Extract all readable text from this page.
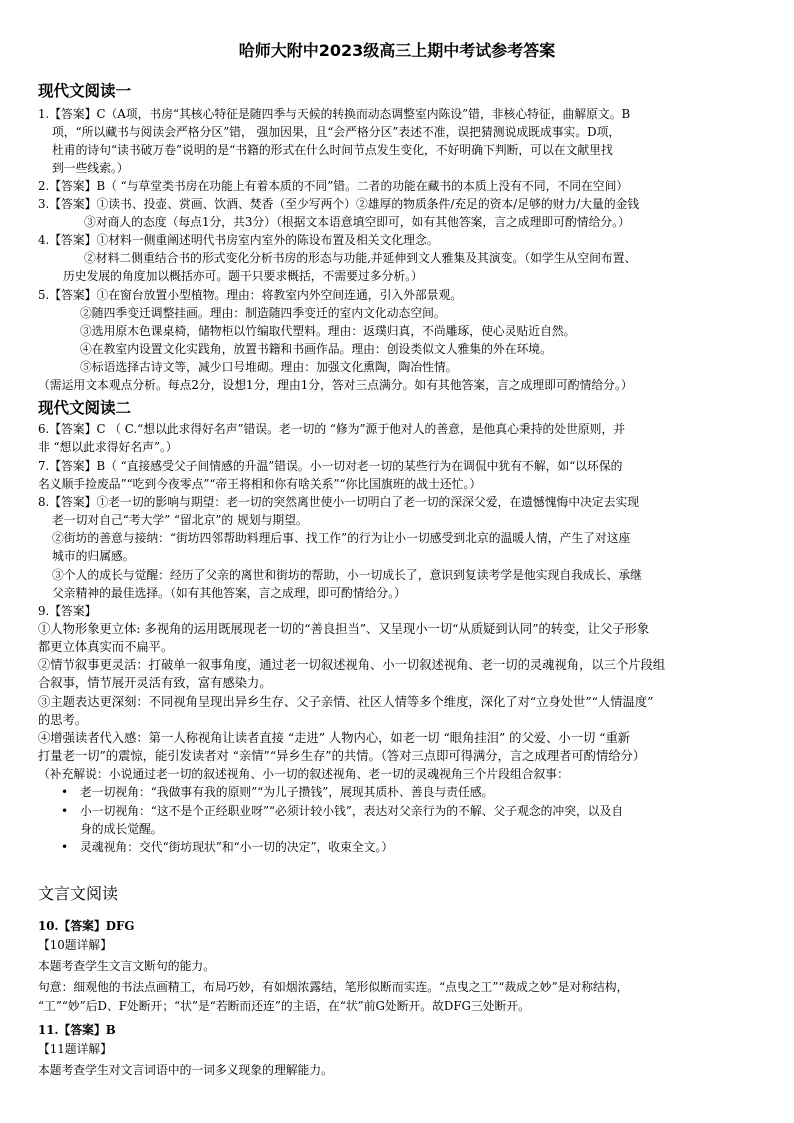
哈师大附中2023级高三上期中考试参考答案
现代文阅读一
1.【答案】C（A项，书房“其核心特征是随四季与天候的转换而动态调整室内陈设”错，非核心特征，曲解原文。B
项，“所以藏书与阅读会严格分区”错， 强加因果，且“会严格分区”表述不准，误把猜测说成既成事实。D项，
杜甫的诗句“读书破万卷”说明的是“书籍的形式在什么时间节点发生变化，不好明确下判断，可以在文献里找
到一些线索。）
2.【答案】B（ “与草堂类书房在功能上有着本质的不同”错。二者的功能在藏书的本质上没有不同，不同在空间）
3.【答案】①读书、投壶、赏画、饮酒、焚香（至少写两个）②雄厚的物质条件/充足的资本/足够的财力/大量的金钱
③对商人的态度（每点1分，共3分）（根据文本语意填空即可，如有其他答案，言之成理即可酌情给分。）
4.【答案】①材料一侧重阐述明代书房室内室外的陈设布置及相关文化理念。
②材料二侧重结合书的形式变化分析书房的形态与功能,并延伸到文人雅集及其演变。（如学生从空间布置、
历史发展的角度加以概括亦可。题干只要求概括，不需要过多分析。）
5.【答案】①在窗台放置小型植物。理由：将教室内外空间连通，引入外部景观。
②随四季变迁调整挂画。理由：制造随四季变迁的室内文化动态空间。
③选用原木色课桌椅，储物柜以竹编取代塑料。理由：返璞归真，不尚雕琢，使心灵贴近自然。
④在教室内设置文化实践角，放置书籍和书画作品。理由：创设类似文人雅集的外在环境。
⑤标语选择古诗文等，减少口号堆砌。理由：加强文化熏陶，陶冶性情。
（需运用文本观点分析。每点2分，设想1分，理由1分，答对三点满分。如有其他答案，言之成理即可酌情给分。）
现代文阅读二
6.【答案】C （ C.“想以此求得好名声”错误。老一切的 “修为”源于他对人的善意，是他真心秉持的处世原则，并
非 “想以此求得好名声”。）
7.【答案】B（ “直接感受父子间情感的升温”错误。小一切对老一切的某些行为在调侃中犹有不解，如“以环保的
名义顺手捡废品”“吃到今夜零点”“帝王将相和你有啥关系”“你比国旗班的战士还忙。）
8.【答案】①老一切的影响与期望：老一切的突然离世使小一切明白了老一切的深深父爱，在遗憾愧悔中决定去实现
老一切对自己“考大学” “留北京”的 规划与期望。
②街坊的善意与接纳：“街坊四邻帮助料理后事、找工作”的行为让小一切感受到北京的温暖人情，产生了对这座
城市的归属感。
③个人的成长与觉醒：经历了父亲的离世和街坊的帮助，小一切成长了，意识到复读考学是他实现自我成长、承继
父亲精神的最佳选择。（如有其他答案，言之成理，即可酌情给分。）
9.【答案】
①人物形象更立体: 多视角的运用既展现老一切的“善良担当”、又呈现小一切“从质疑到认同”的转变，让父子形象
都更立体真实而不扁平。
②情节叙事更灵活：打破单一叙事角度，通过老一切叙述视角、小一切叙述视角、老一切的灵魂视角，以三个片段组
合叙事，情节展开灵活有致，富有感染力。
③主题表达更深刻：不同视角呈现出异乡生存、父子亲情、社区人情等多个维度，深化了对“立身处世”“人情温度”
的思考。
④增强读者代入感：第一人称视角让读者直接 “走进” 人物内心，如老一切 “眼角挂泪” 的父爱、小一切 “重新
打量老一切”的震惊，能引发读者对 “亲情”“异乡生存”的共情。（答对三点即可得满分，言之成理者可酌情给分）
（补充解说：小说通过老一切的叙述视角、小一切的叙述视角、老一切的灵魂视角三个片段组合叙事：
• 老一切视角：“我做事有我的原则”“为儿子攒钱”，展现其质朴、善良与责任感。
• 小一切视角：“这不是个正经职业呀”“必须计较小钱”，表达对父亲行为的不解、父子观念的冲突，以及自
身的成长觉醒。
• 灵魂视角：交代“街坊现状”和“小一切的决定”，收束全文。）
文言文阅读
10.【答案】DFG
【10题详解】
本题考查学生文言文断句的能力。
句意：细观他的书法点画精工，布局巧妙，有如烟浓露结，笔形似断而实连。“点曳之工”“裁成之妙”是对称结构，
“工”“妙”后D、F处断开；“状”是“若断而还连”的主语，在“状”前G处断开。故DFG三处断开。
11.【答案】B
【11题详解】
本题考查学生对文言词语中的一词多义现象的理解能力。
